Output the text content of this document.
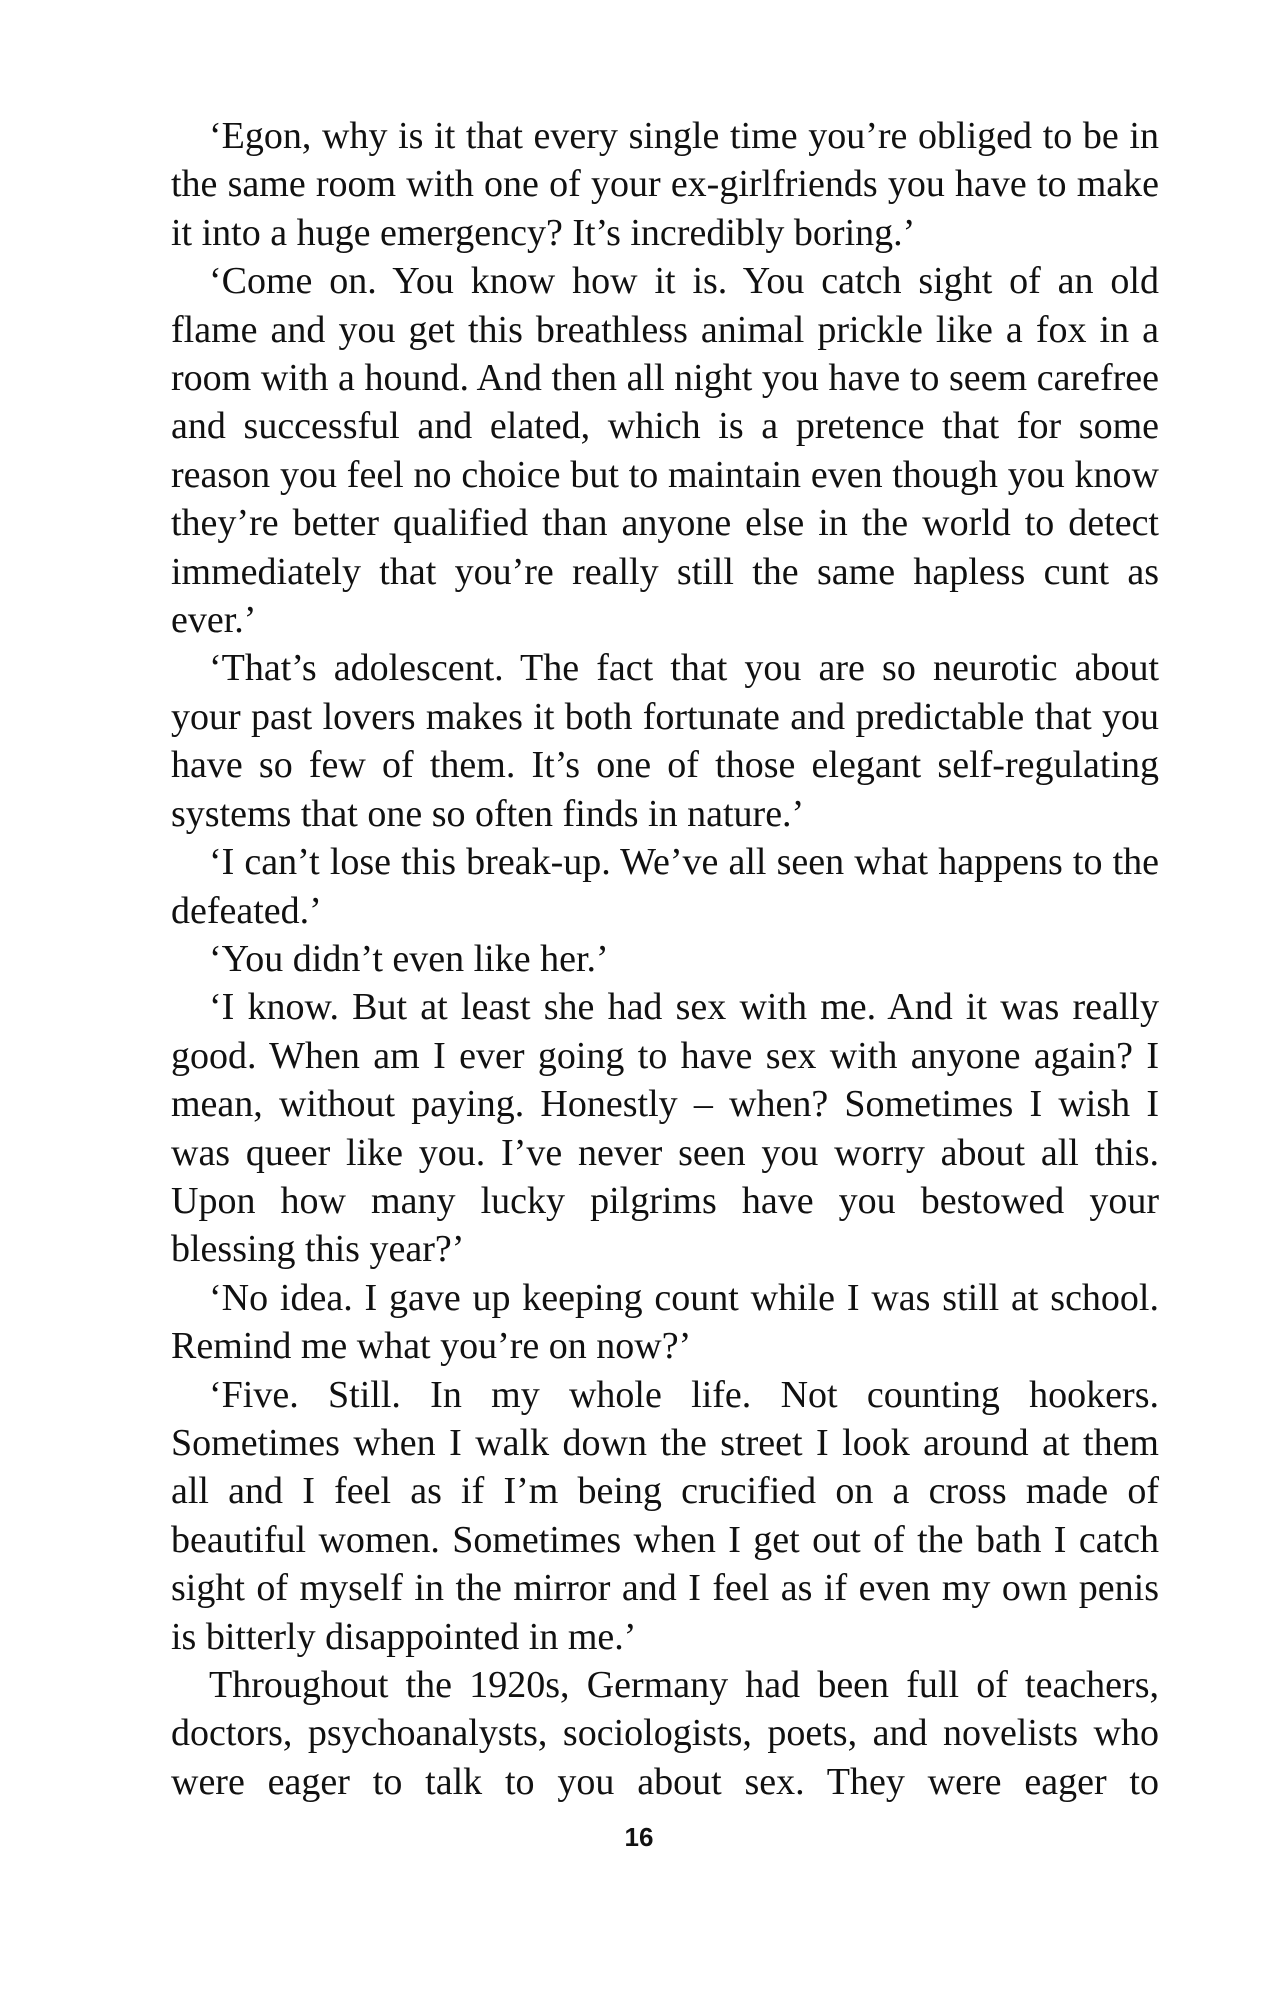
‘Egon, why is it that every single time you’re obliged to be in the same room with one of your ex-girlfriends you have to make it into a huge emergency? It’s incredibly boring.’

‘Come on. You know how it is. You catch sight of an old flame and you get this breathless animal prickle like a fox in a room with a hound. And then all night you have to seem carefree and successful and elated, which is a pretence that for some reason you feel no choice but to maintain even though you know they’re better qualified than anyone else in the world to detect immediately that you’re really still the same hapless cunt as ever.’

‘That’s adolescent. The fact that you are so neurotic about your past lovers makes it both fortunate and predictable that you have so few of them. It’s one of those elegant self-regulating systems that one so often finds in nature.’

‘I can’t lose this break-up. We’ve all seen what happens to the defeated.’

‘You didn’t even like her.’

‘I know. But at least she had sex with me. And it was really good. When am I ever going to have sex with anyone again? I mean, without paying. Honestly – when? Sometimes I wish I was queer like you. I’ve never seen you worry about all this. Upon how many lucky pilgrims have you bestowed your blessing this year?’

‘No idea. I gave up keeping count while I was still at school. Remind me what you’re on now?’

‘Five. Still. In my whole life. Not counting hookers. Sometimes when I walk down the street I look around at them all and I feel as if I’m being crucified on a cross made of beautiful women. Sometimes when I get out of the bath I catch sight of myself in the mirror and I feel as if even my own penis is bitterly disappointed in me.’

Throughout the 1920s, Germany had been full of teachers, doctors, psychoanalysts, sociologists, poets, and novelists who were eager to talk to you about sex. They were eager to

16
